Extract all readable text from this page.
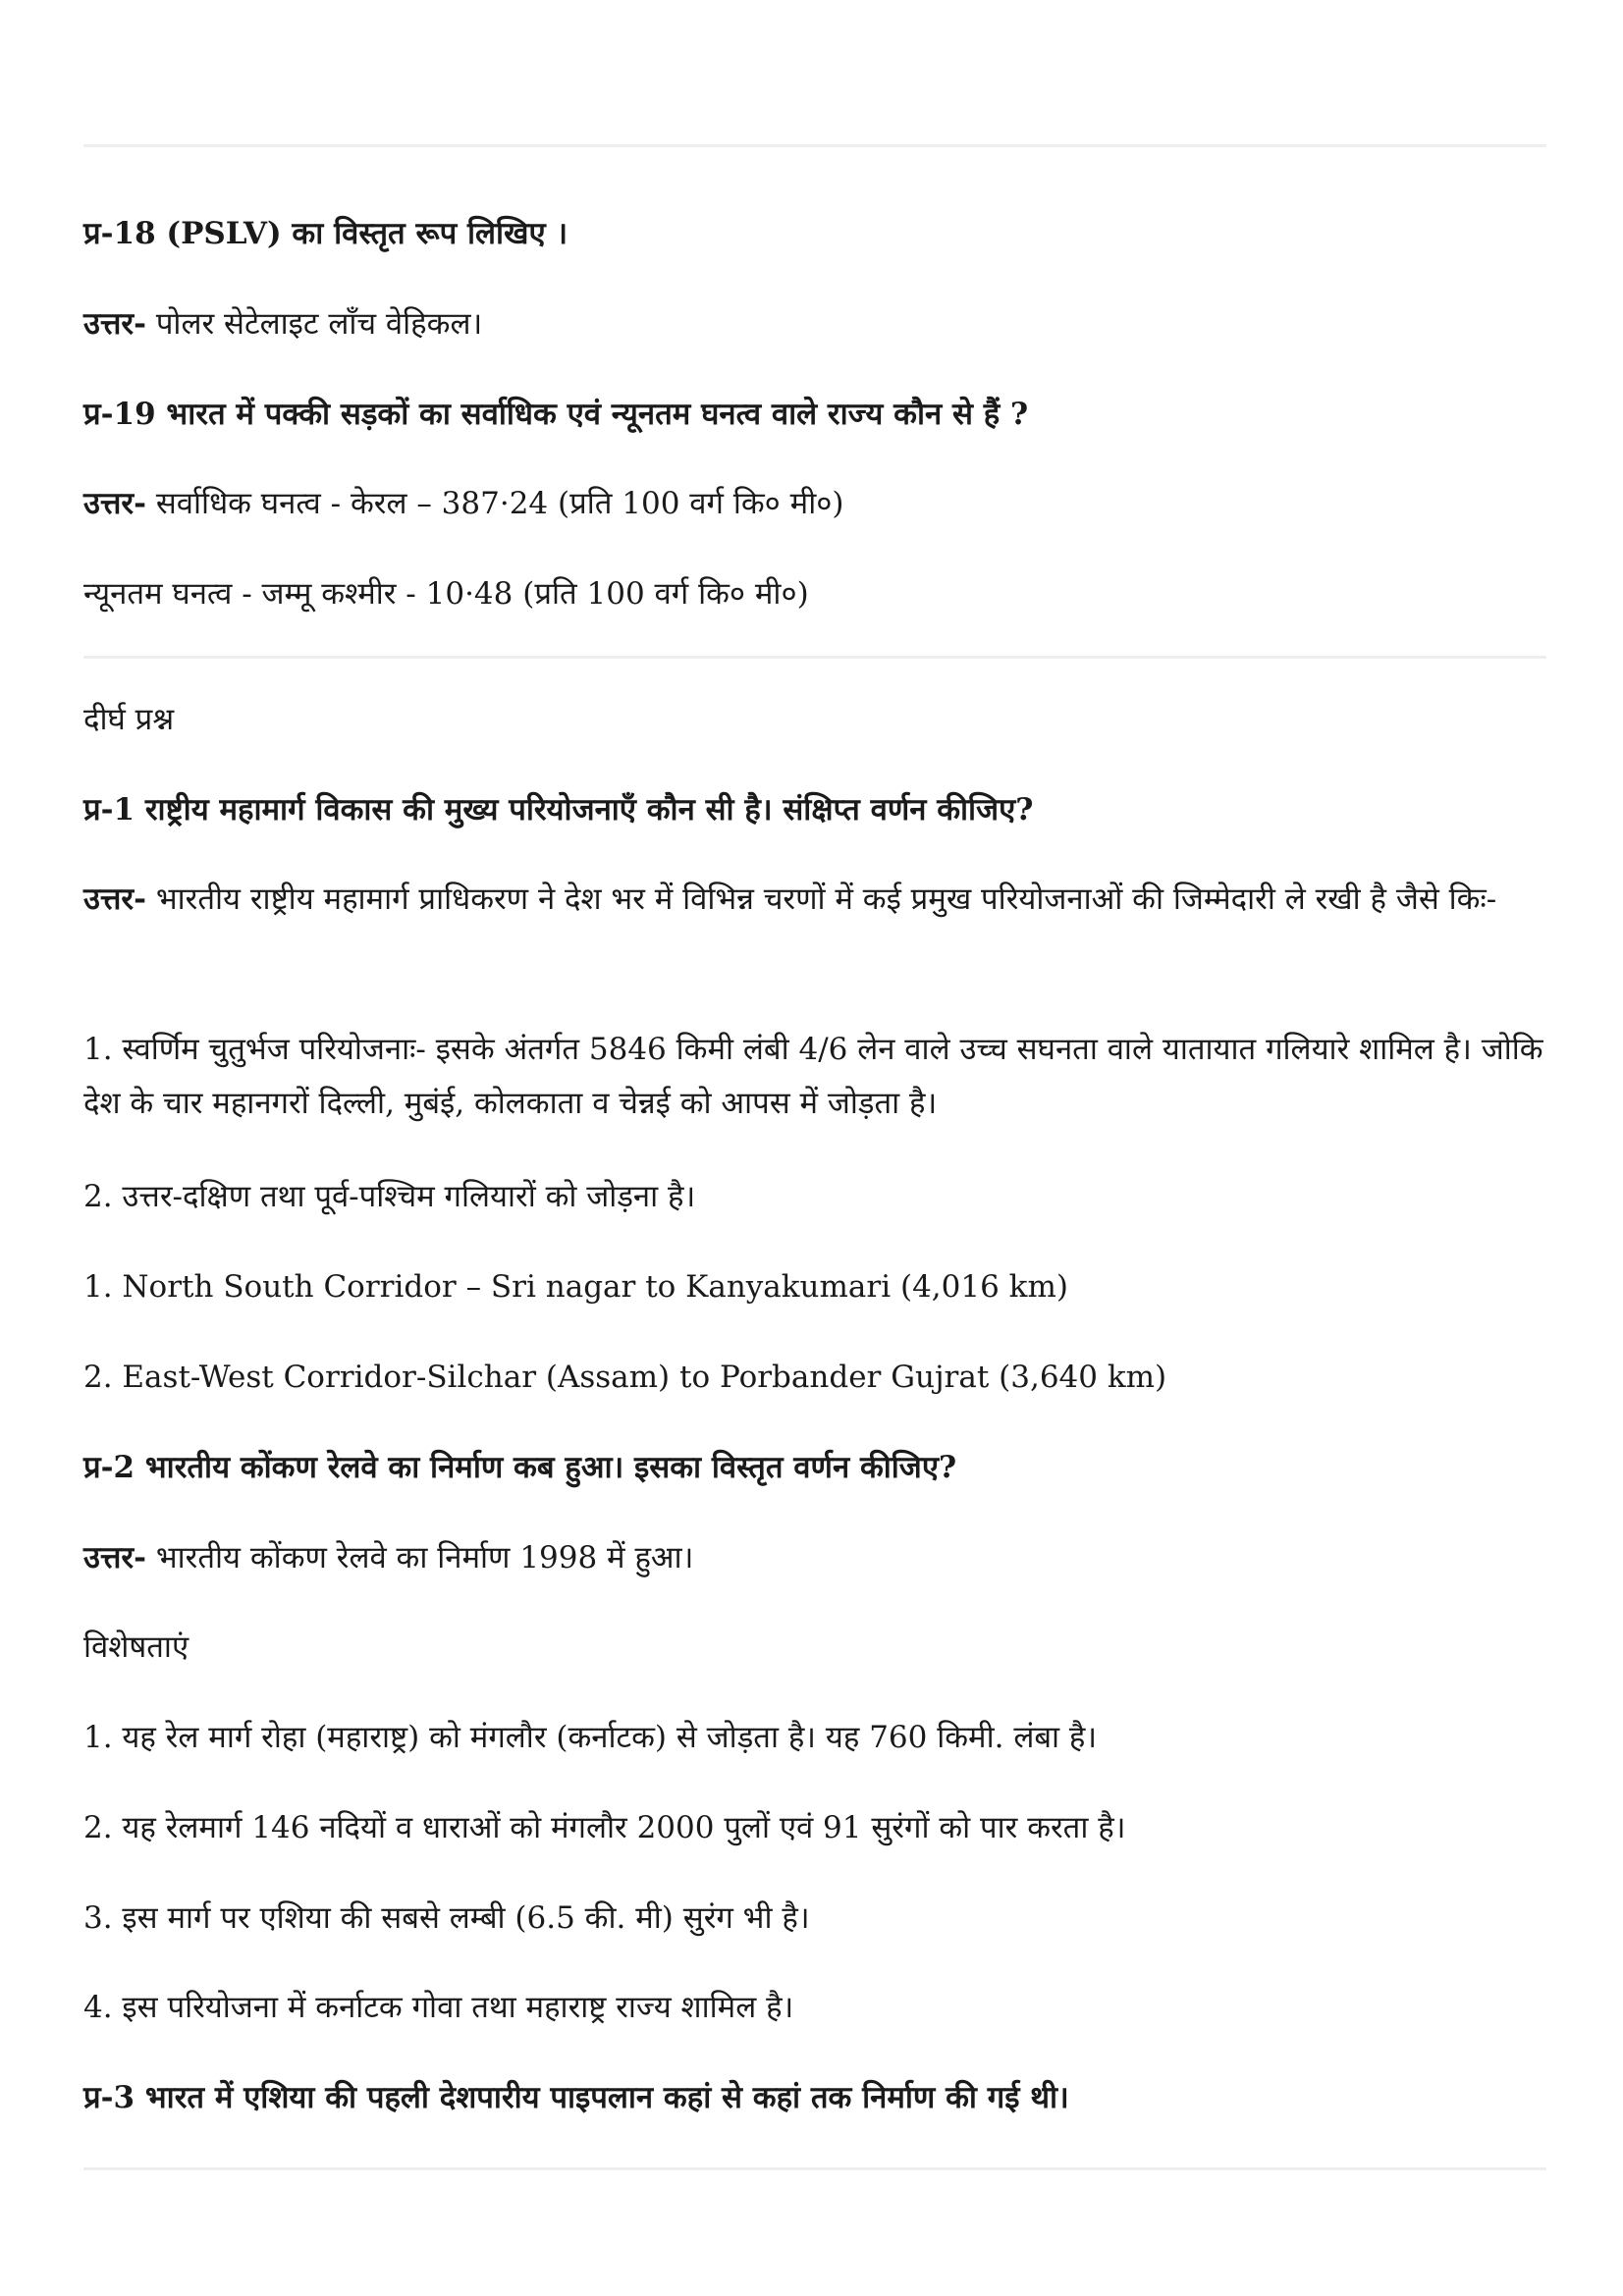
प्र-18 (PSLV) का विस्तृत रूप लिखिए ।
उत्तर- पोलर सेटेलाइट लाँच वेहिकल।
प्र-19 भारत में पक्की सड़कों का सर्वाधिक एवं न्यूनतम घनत्व वाले राज्य कौन से हैं ?
उत्तर- सर्वाधिक घनत्व - केरल – 387·24 (प्रति 100 वर्ग कि० मी०)
न्यूनतम घनत्व - जम्मू कश्मीर - 10·48 (प्रति 100 वर्ग कि० मी०)
दीर्घ प्रश्न
प्र-1 राष्ट्रीय महामार्ग विकास की मुख्य परियोजनाएँ कौन सी है। संक्षिप्त वर्णन कीजिए?
उत्तर- भारतीय राष्ट्रीय महामार्ग प्राधिकरण ने देश भर में विभिन्न चरणों में कई प्रमुख परियोजनाओं की जिम्मेदारी ले रखी है जैसे किः-
1. स्वर्णिम चुतुर्भज परियोजनाः- इसके अंतर्गत 5846 किमी लंबी 4/6 लेन वाले उच्च सघनता वाले यातायात गलियारे शामिल है। जोकि देश के चार महानगरों दिल्ली, मुबंई, कोलकाता व चेन्नई को आपस में जोड़ता है।
2. उत्तर-दक्षिण तथा पूर्व-पश्चिम गलियारों को जोड़ना है।
1. North South Corridor – Sri nagar to Kanyakumari (4,016 km)
2. East-West Corridor-Silchar (Assam) to Porbander Gujrat (3,640 km)
प्र-2 भारतीय कोंकण रेलवे का निर्माण कब हुआ। इसका विस्तृत वर्णन कीजिए?
उत्तर- भारतीय कोंकण रेलवे का निर्माण 1998 में हुआ।
विशेषताएं
1. यह रेल मार्ग रोहा (महाराष्ट्र) को मंगलौर (कर्नाटक) से जोड़ता है। यह 760 किमी. लंबा है।
2. यह रेलमार्ग 146 नदियों व धाराओं को मंगलौर 2000 पुलों एवं 91 सुरंगों को पार करता है।
3. इस मार्ग पर एशिया की सबसे लम्बी (6.5 की. मी) सुरंग भी है।
4. इस परियोजना में कर्नाटक गोवा तथा महाराष्ट्र राज्य शामिल है।
प्र-3 भारत में एशिया की पहली देशपारीय पाइपलान कहां से कहां तक निर्माण की गई थी।
